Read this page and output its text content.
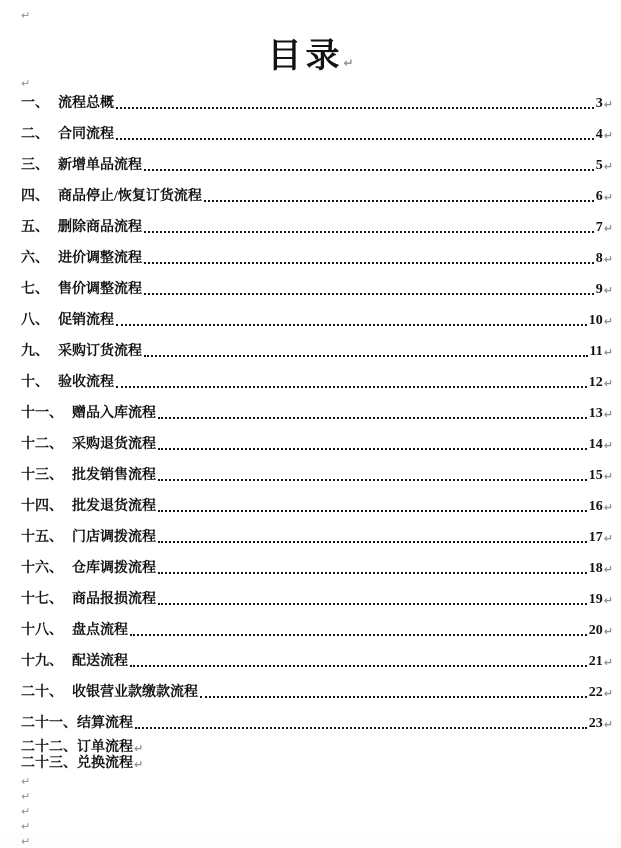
↵
目录↵
↵
一、 流程总概	3 ↵
二、 合同流程	4 ↵
三、 新增单品流程	5 ↵
四、 商品停止/恢复订货流程	6 ↵
五、 删除商品流程	7 ↵
六、 进价调整流程	8 ↵
七、 售价调整流程	9 ↵
八、 促销流程	10 ↵
九、 采购订货流程	11 ↵
十、 验收流程	12 ↵
十一、 赠品入库流程	13 ↵
十二、 采购退货流程	14 ↵
十三、 批发销售流程	15 ↵
十四、 批发退货流程	16 ↵
十五、 门店调拨流程	17 ↵
十六、 仓库调拨流程	18 ↵
十七、 商品报损流程	19 ↵
十八、 盘点流程	20 ↵
十九、 配送流程	21 ↵
二十、 收银营业款缴款流程	22 ↵
二十一、 结算流程	23 ↵
二十二、 订单流程 ↵
二十三、 兑换流程 ↵
↵
↵
↵
↵
↵
